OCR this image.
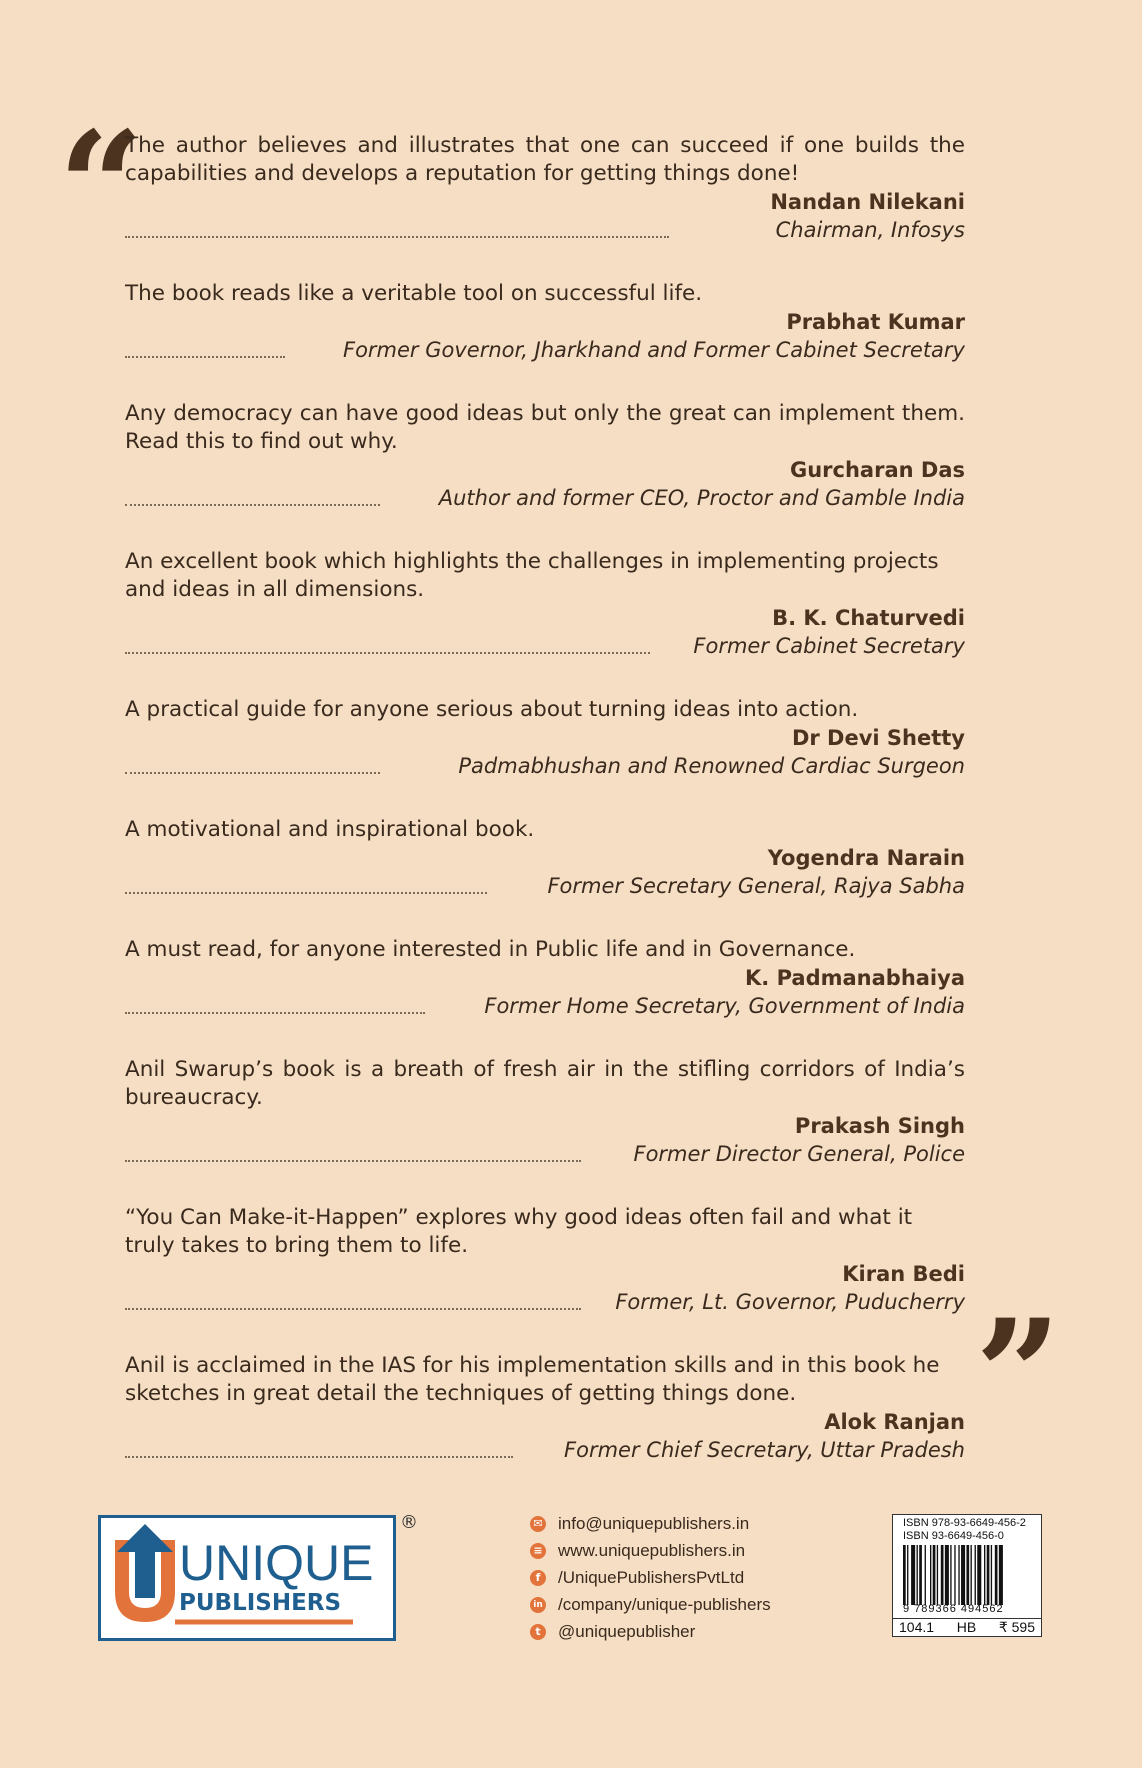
“

The author believes and illustrates that one can succeed if one builds the capabilities and develops a reputation for getting things done!

Nandan Nilekani
Chairman, Infosys

The book reads like a veritable tool on successful life.

Prabhat Kumar
Former Governor, Jharkhand and Former Cabinet Secretary

Any democracy can have good ideas but only the great can implement them. Read this to find out why.

Gurcharan Das
Author and former CEO, Proctor and Gamble India

An excellent book which highlights the challenges in implementing projects and ideas in all dimensions.

B. K. Chaturvedi
Former Cabinet Secretary

A practical guide for anyone serious about turning ideas into action.

Dr Devi Shetty
Padmabhushan and Renowned Cardiac Surgeon

A motivational and inspirational book.

Yogendra Narain
Former Secretary General, Rajya Sabha

A must read, for anyone interested in Public life and in Governance.

K. Padmanabhaiya
Former Home Secretary, Government of India

Anil Swarup’s book is a breath of fresh air in the stifling corridors of India’s bureaucracy.

Prakash Singh
Former Director General, Police

“You Can Make-it-Happen” explores why good ideas often fail and what it truly takes to bring them to life.

Kiran Bedi
Former, Lt. Governor, Puducherry

Anil is acclaimed in the IAS for his implementation skills and in this book he sketches in great detail the techniques of getting things done.

Alok Ranjan
Former Chief Secretary, Uttar Pradesh ”
UNIQUE
PUBLISHERS
®	✉ info@uniquepublishers.in
≡ www.uniquepublishers.in
f	/UniquePublishersPvtLtd
in /company/unique-publishers
t	@uniquepublisher
ISBN 978-93-6649-456-2
ISBN 93-6649-456-0
9 789366 494562
104.1 HB ₹ 595
